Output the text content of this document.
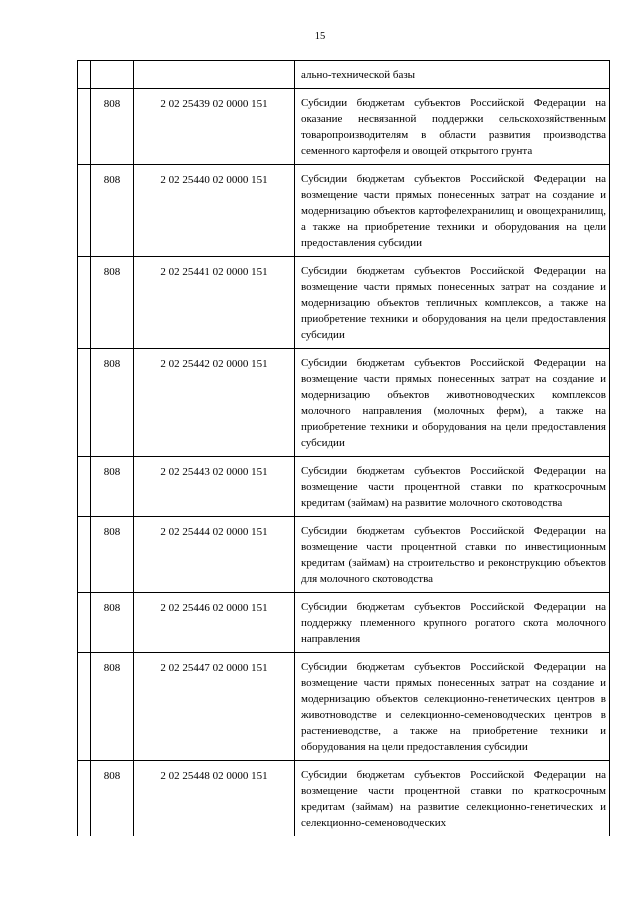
15
			ально-технической базы
	808	2 02 25439 02 0000 151	Субсидии бюджетам субъектов Российской Федерации на оказание несвязанной поддержки сельскохозяйственным товаропроизводителям в области развития производства семенного картофеля и овощей открытого грунта
	808	2 02 25440 02 0000 151	Субсидии бюджетам субъектов Российской Федерации на возмещение части прямых понесенных затрат на создание и модернизацию объектов картофелехранилищ и овощехранилищ, а также на приобретение техники и оборудования на цели предоставления субсидии
	808	2 02 25441 02 0000 151	Субсидии бюджетам субъектов Российской Федерации на возмещение части прямых понесенных затрат на создание и модернизацию объектов тепличных комплексов, а также на приобретение техники и оборудования на цели предоставления субсидии
	808	2 02 25442 02 0000 151	Субсидии бюджетам субъектов Российской Федерации на возмещение части прямых понесенных затрат на создание и модернизацию объектов животноводческих комплексов молочного направления (молочных ферм), а также на приобретение техники и оборудования на цели предоставления субсидии
	808	2 02 25443 02 0000 151	Субсидии бюджетам субъектов Российской Федерации на возмещение части процентной ставки по краткосрочным кредитам (займам) на развитие молочного скотоводства
	808	2 02 25444 02 0000 151	Субсидии бюджетам субъектов Российской Федерации на возмещение части процентной ставки по инвестиционным кредитам (займам) на строительство и реконструкцию объектов для молочного скотоводства
	808	2 02 25446 02 0000 151	Субсидии бюджетам субъектов Российской Федерации на поддержку племенного крупного рогатого скота молочного направления
	808	2 02 25447 02 0000 151	Субсидии бюджетам субъектов Российской Федерации на возмещение части прямых понесенных затрат на создание и модернизацию объектов селекционно-генетических центров в животноводстве и селекционно-семеноводческих центров в растениеводстве, а также на приобретение техники и оборудования на цели предоставления субсидии
	808	2 02 25448 02 0000 151	Субсидии бюджетам субъектов Российской Федерации на возмещение части процентной ставки по краткосрочным кредитам (займам) на развитие селекционно-генетических и селекционно-семеноводческих
